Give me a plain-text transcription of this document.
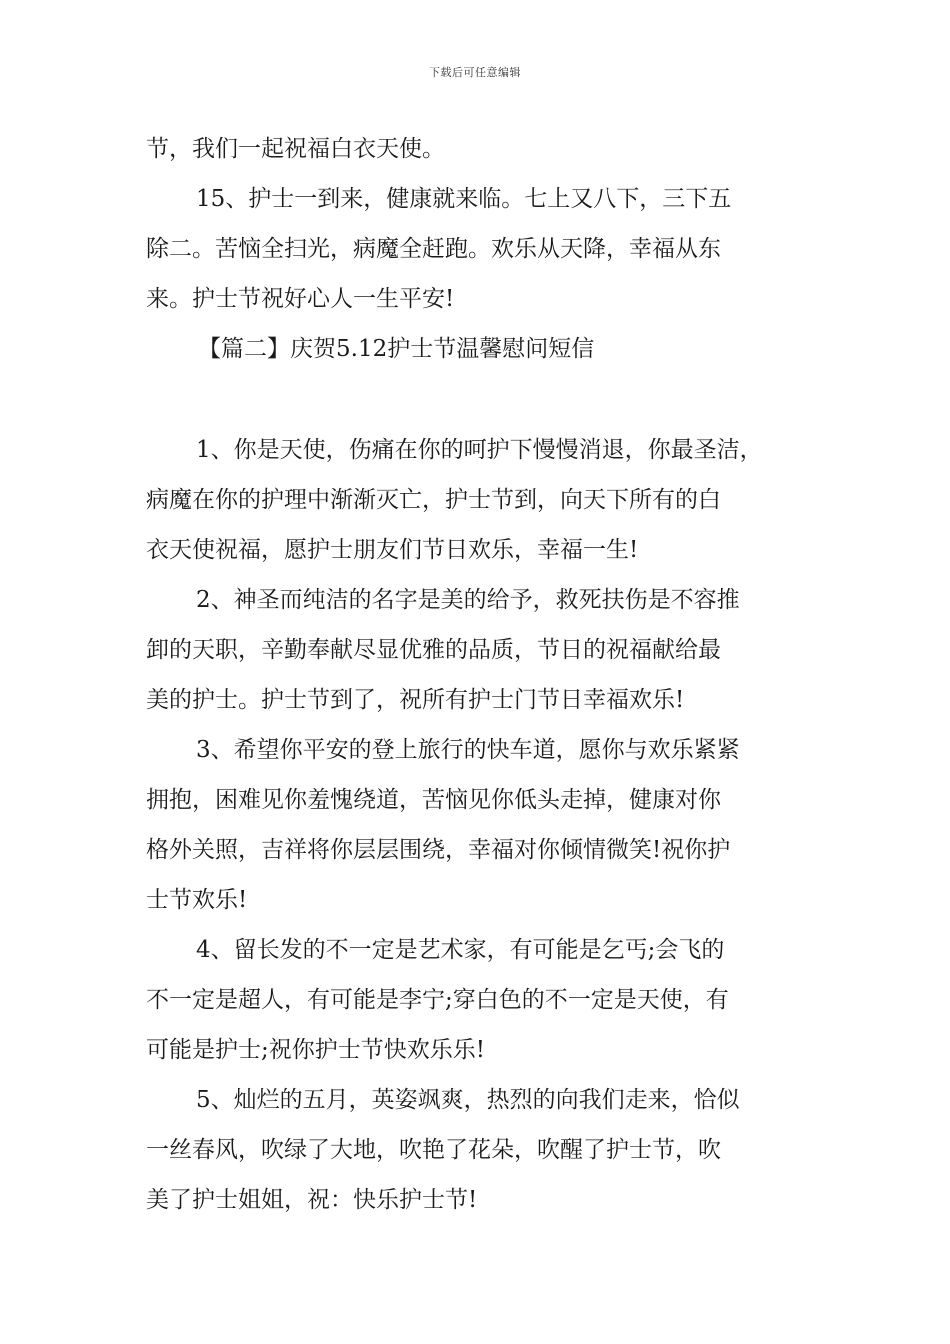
下载后可任意编辑
节，我们一起祝福白衣天使。
15、护士一到来，健康就来临。七上又八下，三下五
除二。苦恼全扫光，病魔全赶跑。欢乐从天降，幸福从东
来。护士节祝好心人一生平安!
【篇二】庆贺5.12护士节温馨慰问短信
1、你是天使，伤痛在你的呵护下慢慢消退，你最圣洁，
病魔在你的护理中渐渐灭亡，护士节到，向天下所有的白
衣天使祝福，愿护士朋友们节日欢乐，幸福一生!
2、神圣而纯洁的名字是美的给予，救死扶伤是不容推
卸的天职，辛勤奉献尽显优雅的品质，节日的祝福献给最
美的护士。护士节到了，祝所有护士门节日幸福欢乐!
3、希望你平安的登上旅行的快车道，愿你与欢乐紧紧
拥抱，困难见你羞愧绕道，苦恼见你低头走掉，健康对你
格外关照，吉祥将你层层围绕，幸福对你倾情微笑!祝你护
士节欢乐!
4、留长发的不一定是艺术家，有可能是乞丐;会飞的
不一定是超人，有可能是李宁;穿白色的不一定是天使，有
可能是护士;祝你护士节快欢乐乐!
5、灿烂的五月，英姿飒爽，热烈的向我们走来，恰似
一丝春风，吹绿了大地，吹艳了花朵，吹醒了护士节，吹
美了护士姐姐，祝：快乐护士节!
